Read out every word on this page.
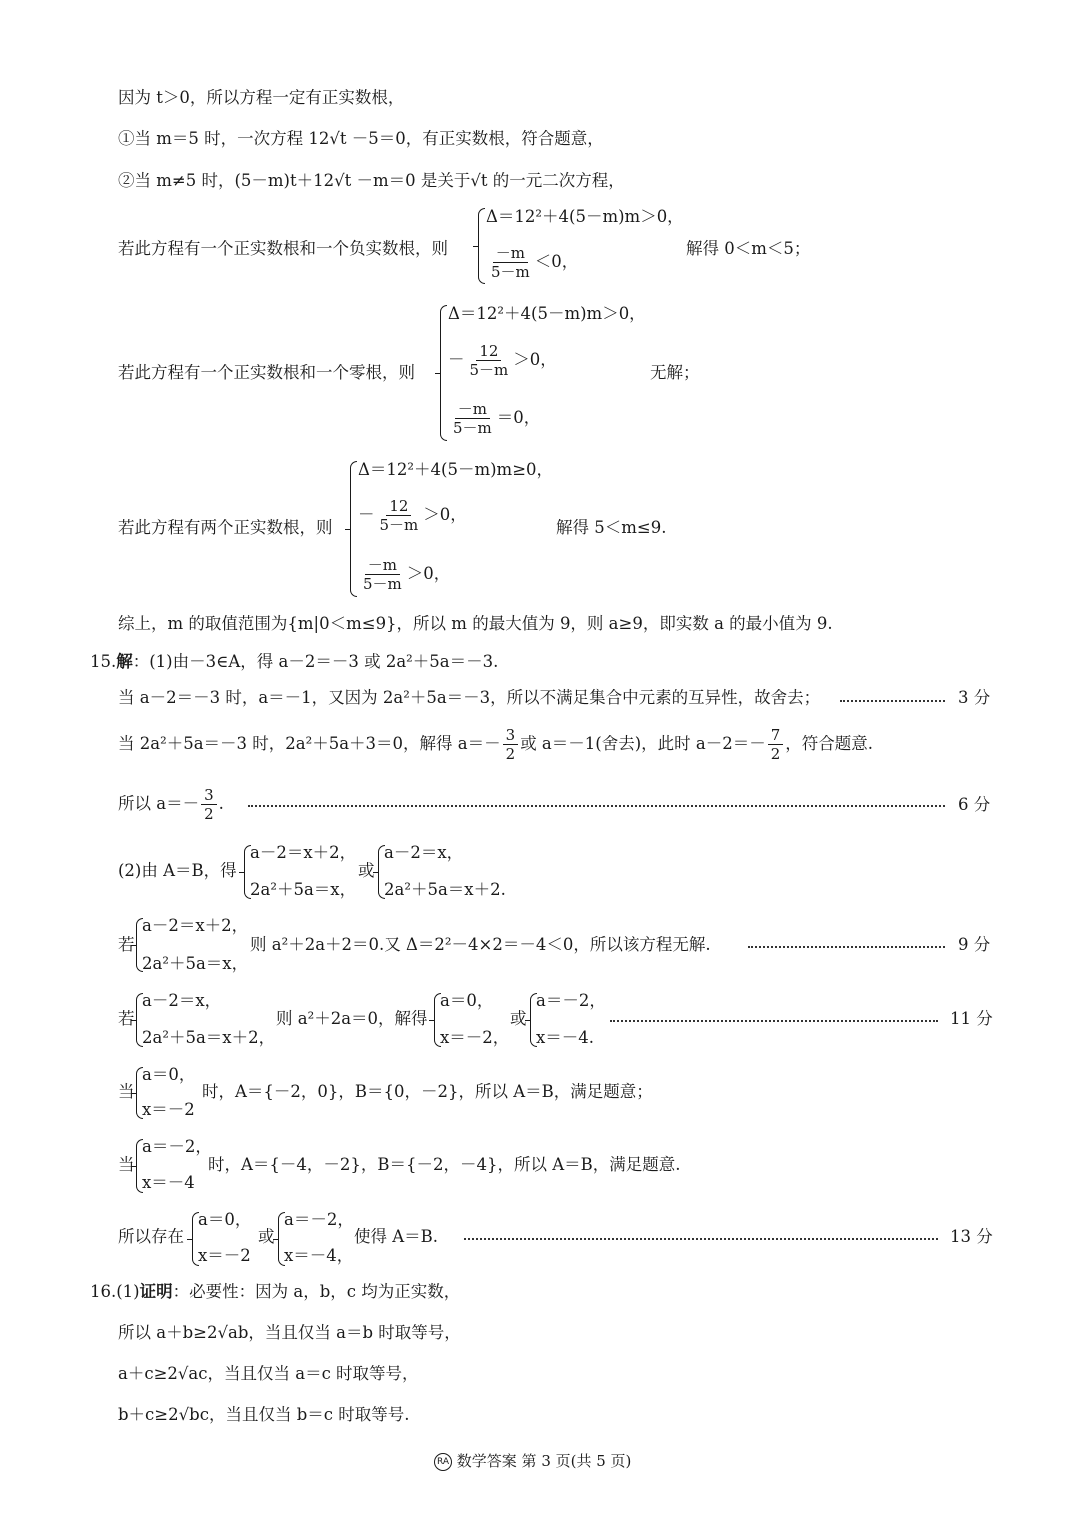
因为 t＞0，所以方程一定有正实数根，
①当 m＝5 时，一次方程 12√t －5＝0，有正实数根，符合题意，
②当 m≠5 时，(5－m)t＋12√t －m＝0 是关于√t 的一元二次方程，
若此方程有一个正实数根和一个负实数根，则
Δ＝12²＋4(5－m)m＞0，
$\frac{-m}{5-m} <0$，
解得 0＜m＜5；
若此方程有一个正实数根和一个零根，则
Δ＝12²＋4(5－m)m＞0，
－ $\frac{12}{5-m} >0$，
$\frac{-m}{5-m} =0$，
无解；
若此方程有两个正实数根，则
Δ＝12²＋4(5－m)m≥0，
－ $\frac{12}{5-m} >0$，
$\frac{-m}{5-m} >0$，
解得 5＜m≤9.
综上，m 的取值范围为{m|0＜m≤9}，所以 m 的最大值为 9，则 a≥9，即实数 a 的最小值为 9.
15.解：(1)由－3∈A，得 a－2＝－3 或 2a²＋5a＝－3.
当 a－2＝－3 时，a＝－1，又因为 2a²＋5a＝－3，所以不满足集合中元素的互异性，故舍去；	3 分
当 2a²＋5a＝－3 时，2a²＋5a＋3＝0，解得 $a=- \frac{3}{2}$ 或 a＝－1(舍去)，此时 $a-2=- \frac{7}{2}$ ，符合题意.
所以 $a=- \frac{3}{2}$ .	6 分
(2)由 A＝B，得
a－2＝x＋2，
2a²＋5a＝x，
或
a－2＝x，
2a²＋5a＝x＋2.
若
a－2＝x＋2，
2a²＋5a＝x，
则 a²＋2a＋2＝0.又 Δ＝2²－4×2＝－4＜0，所以该方程无解.	9 分
若
a－2＝x，
2a²＋5a＝x＋2，
则 a²＋2a＝0，解得
a＝0，
x＝－2，
或
a＝－2，
x＝－4.
11 分
当
a＝0，
x＝－2
时，A＝{－2，0}，B＝{0，－2}，所以 A＝B，满足题意；
当
a＝－2，
x＝－4
时，A＝{－4，－2}，B＝{－2，－4}，所以 A＝B，满足题意.
所以存在
a＝0，
x＝－2
或
a＝－2，
x＝－4，
使得 A＝B.	13 分
16.(1)证明：必要性：因为 a，b，c 均为正实数，
所以 a＋b≥2√ab，当且仅当 a＝b 时取等号，
a＋c≥2√ac，当且仅当 a＝c 时取等号，
b＋c≥2√bc，当且仅当 b＝c 时取等号.
RA 数学答案 第 3 页(共 5 页)
